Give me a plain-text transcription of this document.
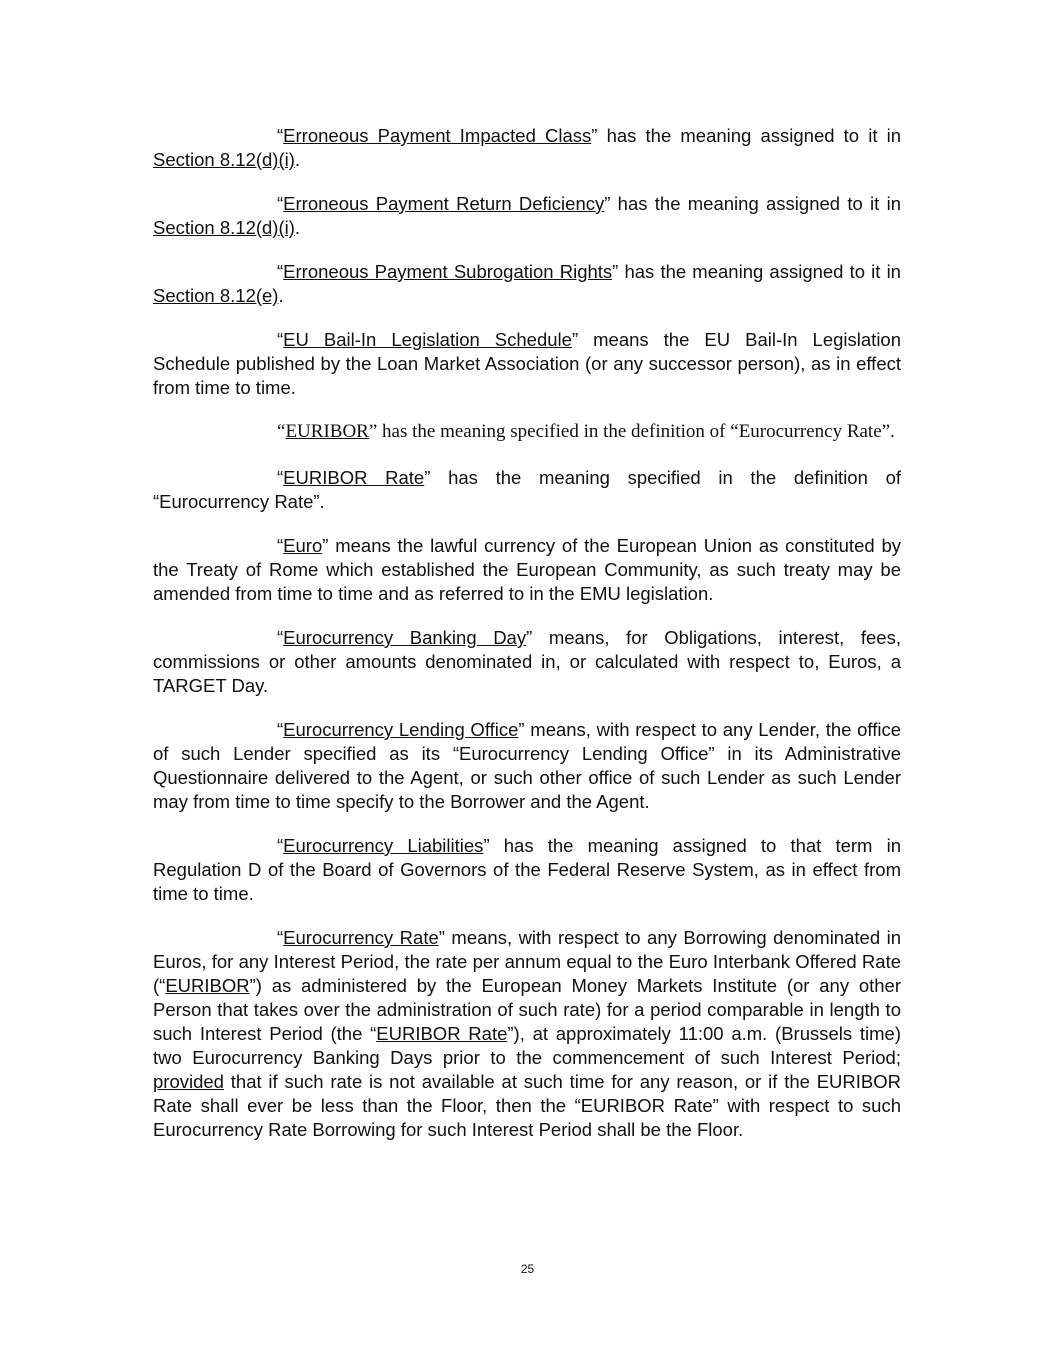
“Erroneous Payment Impacted Class” has the meaning assigned to it in Section 8.12(d)(i).

“Erroneous Payment Return Deficiency” has the meaning assigned to it in Section 8.12(d)(i).

“Erroneous Payment Subrogation Rights” has the meaning assigned to it in Section 8.12(e).

“EU Bail-In Legislation Schedule” means the EU Bail-In Legislation Schedule published by the Loan Market Association (or any successor person), as in effect from time to time.

“EURIBOR” has the meaning specified in the definition of “Eurocurrency Rate”.

“EURIBOR Rate” has the meaning specified in the definition of “Eurocurrency Rate”.

“Euro” means the lawful currency of the European Union as constituted by the Treaty of Rome which established the European Community, as such treaty may be amended from time to time and as referred to in the EMU legislation.

“Eurocurrency Banking Day” means, for Obligations, interest, fees, commissions or other amounts denominated in, or calculated with respect to, Euros, a TARGET Day.

“Eurocurrency Lending Office” means, with respect to any Lender, the office of such Lender specified as its “Eurocurrency Lending Office” in its Administrative Questionnaire delivered to the Agent, or such other office of such Lender as such Lender may from time to time specify to the Borrower and the Agent.

“Eurocurrency Liabilities” has the meaning assigned to that term in Regulation D of the Board of Governors of the Federal Reserve System, as in effect from time to time.

“Eurocurrency Rate” means, with respect to any Borrowing denominated in Euros, for any Interest Period, the rate per annum equal to the Euro Interbank Offered Rate (“EURIBOR”) as administered by the European Money Markets Institute (or any other Person that takes over the administration of such rate) for a period comparable in length to such Interest Period (the “EURIBOR Rate”), at approximately 11:00 a.m. (Brussels time) two Eurocurrency Banking Days prior to the commencement of such Interest Period; provided that if such rate is not available at such time for any reason, or if the EURIBOR Rate shall ever be less than the Floor, then the “EURIBOR Rate” with respect to such Eurocurrency Rate Borrowing for such Interest Period shall be the Floor.

25
